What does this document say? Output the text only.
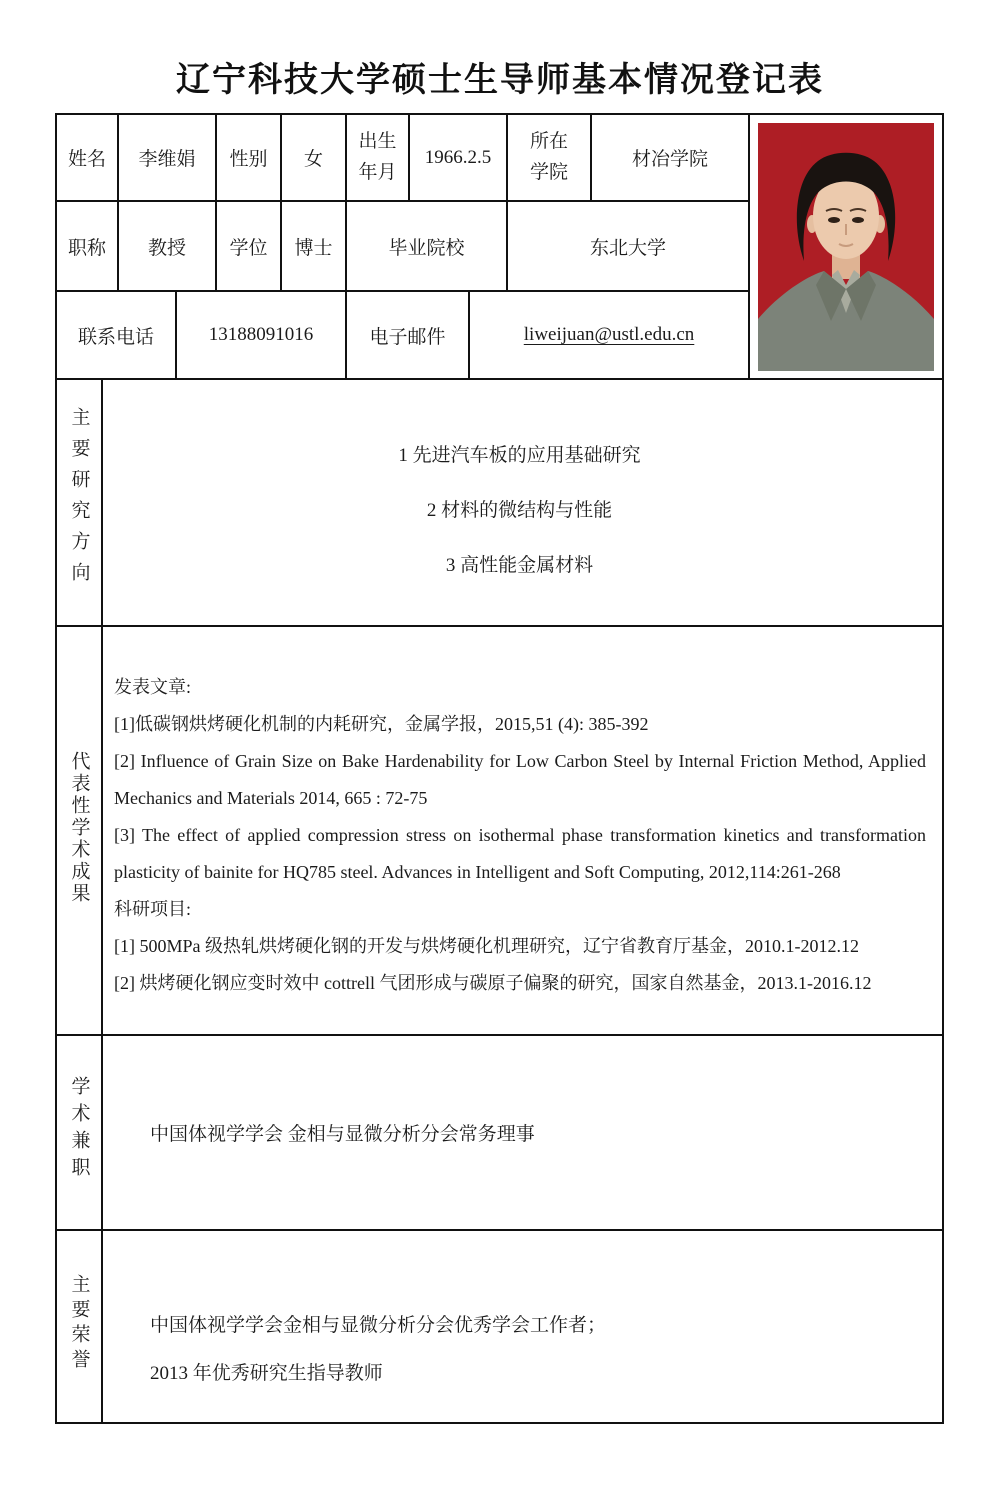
辽宁科技大学硕士生导师基本情况登记表
姓名		李维娟		性别	女	出生年月	1966.2.5		所在学院	材冶学院	

职称		教授		学位	博士	毕业院校			东北大学		
联系电话			13188091016			电子邮件		liweijuan@ustl.edu.cn			
主要研究方向	1 先进汽车板的应用基础研究
2 材料的微结构与性能
3 高性能金属材料										

代表性学术成果	
发表文章:
[1]低碳钢烘烤硬化机制的内耗研究，金属学报，2015,51 (4): 385-392
[2] Influence of Grain Size on Bake Hardenability for Low Carbon Steel by Internal Friction Method, Applied Mechanics and Materials 2014, 665 : 72-75
[3] The effect of applied compression stress on isothermal phase transformation kinetics and transformation plasticity of bainite for HQ785 steel. Advances in Intelligent and Soft Computing, 2012,114:261-268
科研项目:
[1] 500MPa 级热轧烘烤硬化钢的开发与烘烤硬化机理研究，辽宁省教育厅基金，2010.1-2012.12
[2] 烘烤硬化钢应变时效中 cottrell 气团形成与碳原子偏聚的研究，国家自然基金，2013.1-2016.12

学术兼职	中国体视学学会 金相与显微分析分会常务理事										

主要荣誉	中国体视学学会金相与显微分析分会优秀学会工作者；
2013 年优秀研究生指导教师										
